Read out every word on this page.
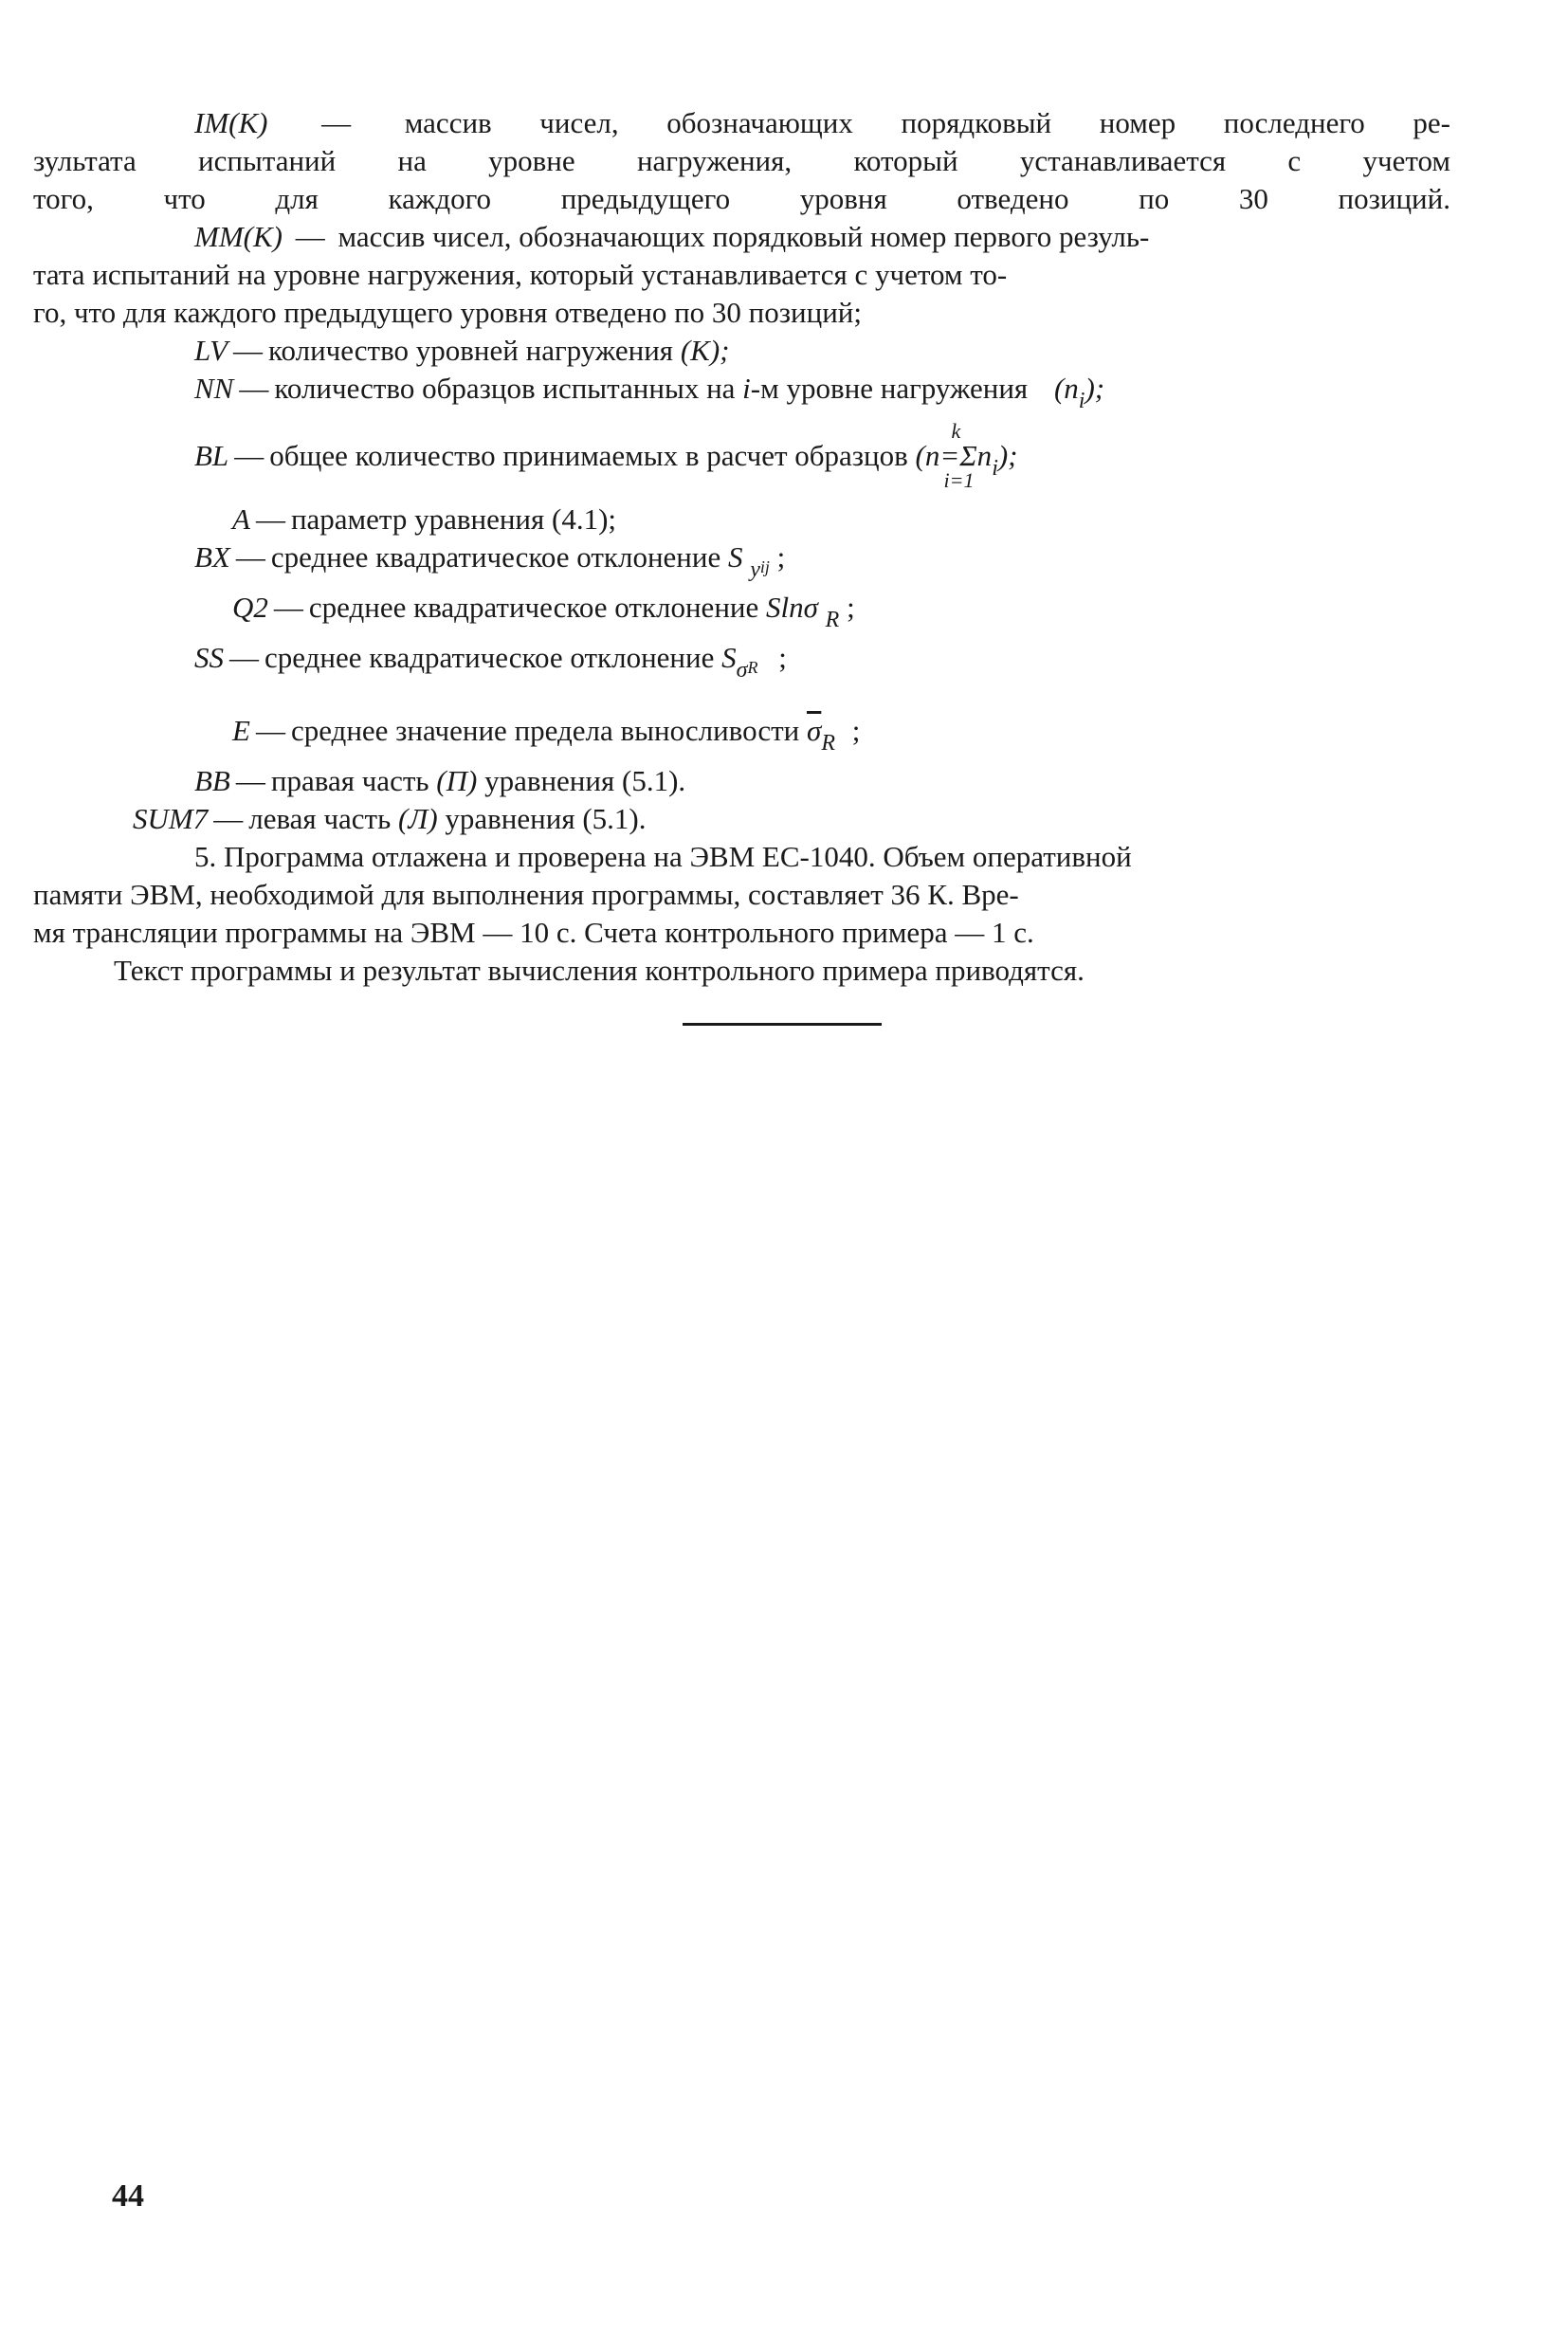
IM(K) — массив чисел, обозначающих порядковый номер последнего ре-
зультата испытаний на уровне нагружения, который устанавливается с учетом
того, что для каждого предыдущего уровня отведено по 30 позиций.

MM(K) — массив чисел, обозначающих порядковый номер первого резуль-
тата испытаний на уровне нагружения, который устанавливается с учетом то-
го, что для каждого предыдущего уровня отведено по 30 позиций;

LV — количество уровней нагружения (K);

NN — количество образцов испытанных на i-м уровне нагружения $(n_i)$;

BL — общее количество принимаемых в расчет образцов
k
$(n=\Sigma n_i)$;
i=1

A — параметр уравнения (4.1);

BX — среднее квадратическое отклонение S $_y$ij ;

Q2 — среднее квадратическое отклонение Slnσ $_R$ ;

SS — среднее квадратическое отклонение $S_\sigma R$ ;

E — среднее значение предела выносливости $\overline{\sigma}_R$ ;

BB — правая часть (П) уравнения (5.1).

SUM7 — левая часть (Л) уравнения (5.1).

5. Программа отлажена и проверена на ЭВМ ЕС-1040. Объем оперативной
памяти ЭВМ, необходимой для выполнения программы, составляет 36 К. Вре-
мя трансляции программы на ЭВМ — 10 с. Счета контрольного примера — 1 с.
Текст программы и результат вычисления контрольного примера приводятся.

44
